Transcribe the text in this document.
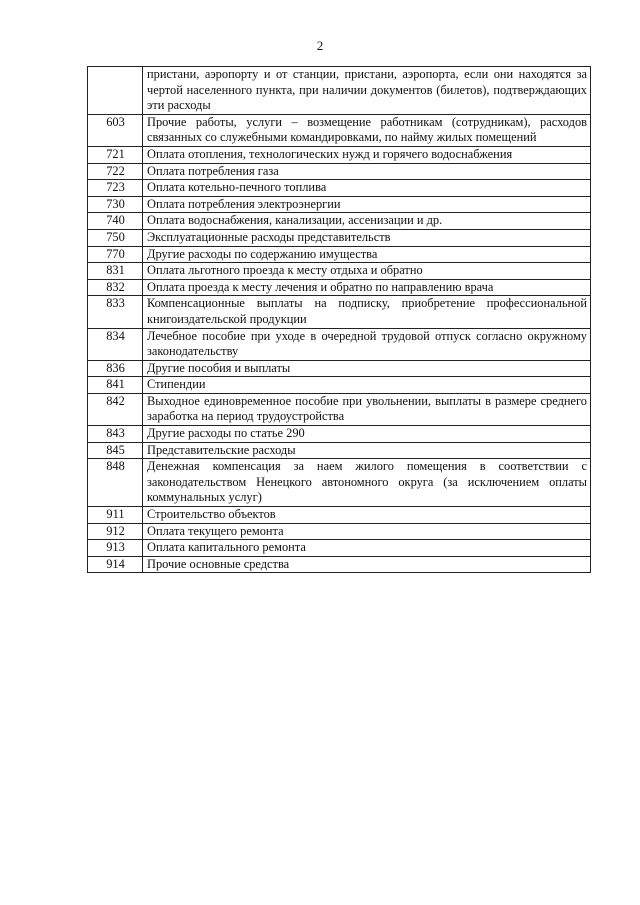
2
	пристани, аэропорту и от станции, пристани, аэропорта, если они находятся за чертой населенного пункта, при наличии документов (билетов), подтверждающих эти расходы
603	Прочие работы, услуги – возмещение работникам (сотрудникам), расходов связанных со служебными командировками, по найму жилых помещений
721	Оплата отопления, технологических нужд и горячего водоснабжения
722	Оплата потребления газа
723	Оплата котельно-печного топлива
730	Оплата потребления электроэнергии
740	Оплата водоснабжения, канализации, ассенизации и др.
750	Эксплуатационные расходы представительств
770	Другие расходы по содержанию имущества
831	Оплата льготного проезда к месту отдыха и обратно
832	Оплата проезда к месту лечения и обратно по направлению врача
833	Компенсационные выплаты на подписку, приобретение профессиональной книгоиздательской продукции
834	Лечебное пособие при уходе в очередной трудовой отпуск согласно окружному законодательству
836	Другие пособия и выплаты
841	Стипендии
842	Выходное единовременное пособие при увольнении, выплаты в размере среднего заработка на период трудоустройства
843	Другие расходы по статье 290
845	Представительские расходы
848	Денежная компенсация за наем жилого помещения в соответствии с законодательством Ненецкого автономного округа (за исключением оплаты коммунальных услуг)
911	Строительство объектов
912	Оплата текущего ремонта
913	Оплата капитального ремонта
914	Прочие основные средства
